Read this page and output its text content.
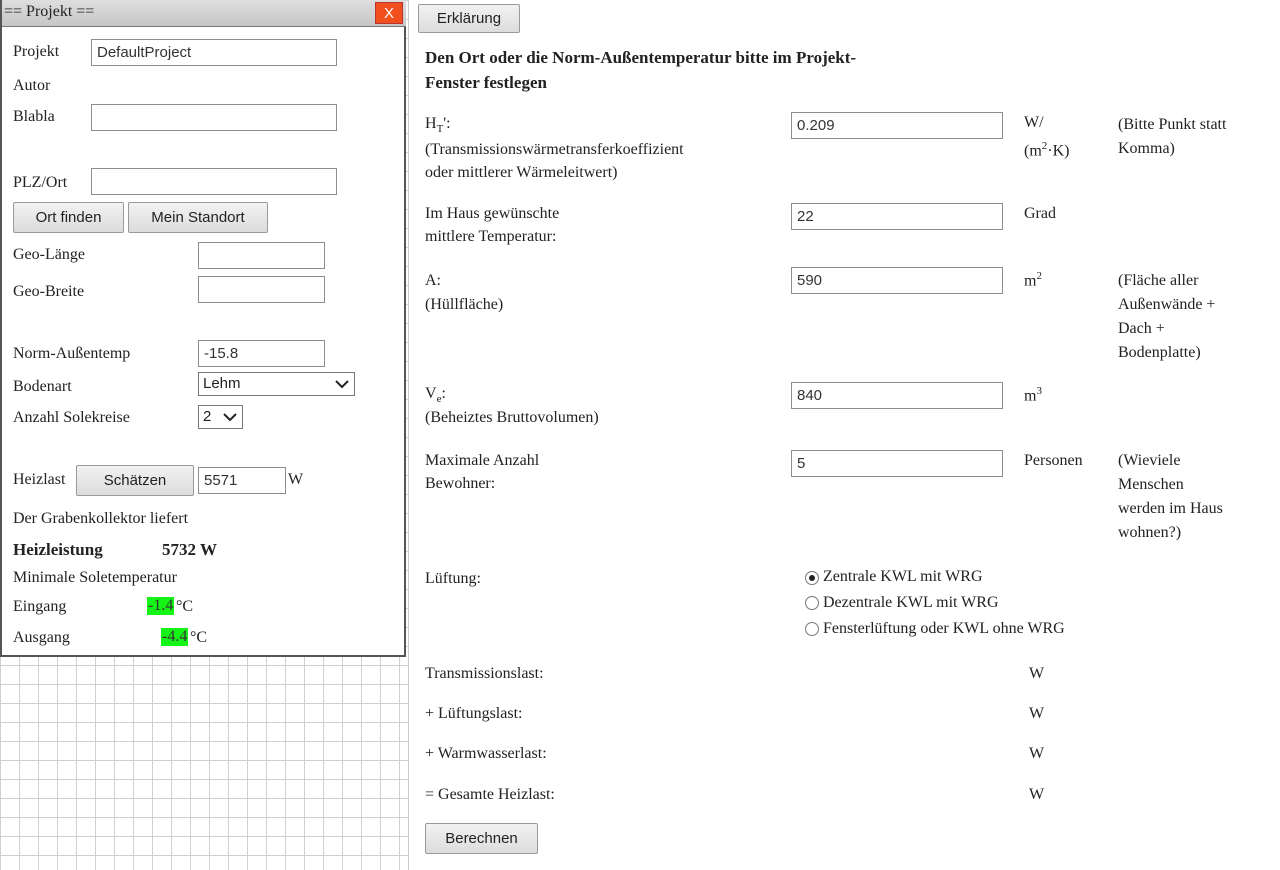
== Projekt ==	X
Projekt	DefaultProject
Autor
Blabla
PLZ/Ort
Ort finden	Mein Standort
Geo-Länge
Geo-Breite
Norm-Außentemp	-15.8
Bodenart	Lehm
Anzahl Solekreise	2
Heizlast	Schätzen	5571	W
Der Grabenkollektor liefert
Heizleistung	5732 W
Minimale Soletemperatur
Eingang	-1.4 °C
Ausgang	-4.4 °C
Erklärung
Den Ort oder die Norm-Außentemperatur bitte im Projekt-
Fenster festlegen
$H_T'$:
(Transmissionswärmetransferkoeffizient
oder mittlerer Wärmeleitwert)
0.209	W/
$(m^2\cdot K)$
(Bitte Punkt statt
Komma)
Im Haus gewünschte
mittlere Temperatur:
22	Grad
A:
(Hüllfläche)
590	$m^2$	(Fläche aller
Außenwände +
Dach +
Bodenplatte)
$V_e$:
(Beheiztes Bruttovolumen)
840	$m^3$
Maximale Anzahl
Bewohner:
5	Personen (Wieviele
Menschen
werden im Haus
wohnen?)
Lüftung:	Zentrale KWL mit WRG
Dezentrale KWL mit WRG
Fensterlüftung oder KWL ohne WRG
Transmissionslast:	W
+ Lüftungslast:	W
+ Warmwasserlast:	W
= Gesamte Heizlast:	W
Berechnen
